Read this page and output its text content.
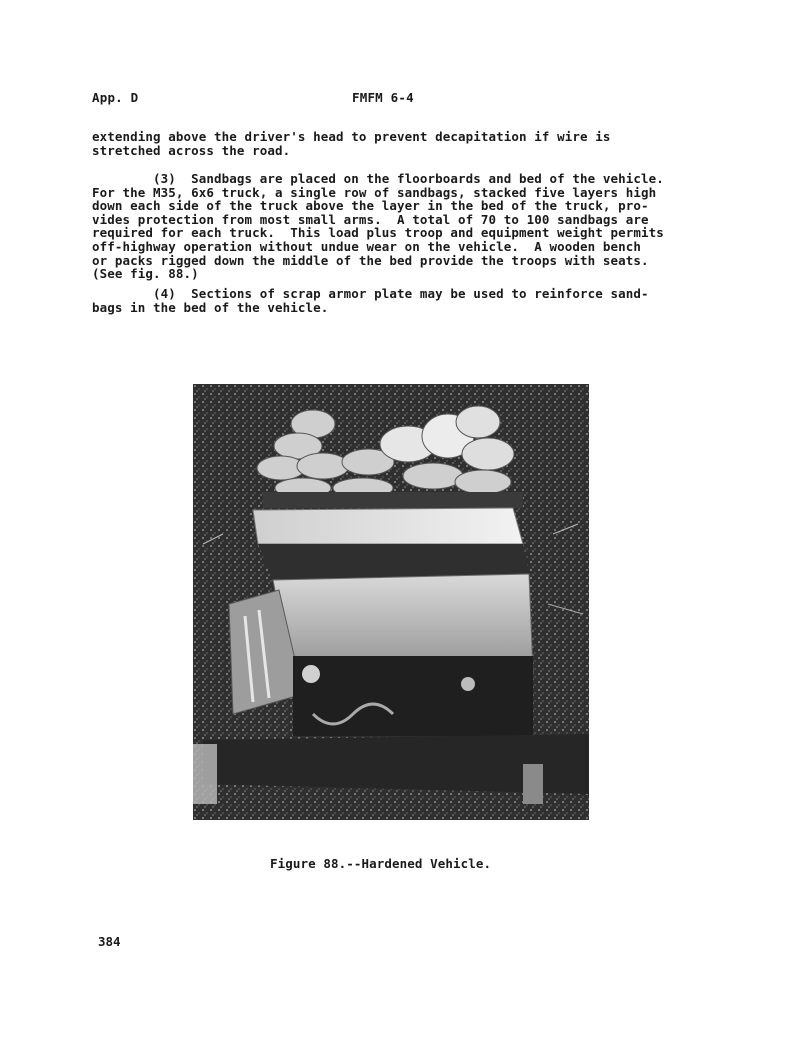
App. D	FMFM 6-4

extending above the driver's head to prevent decapitation if wire is
stretched across the road.

(3)  Sandbags are placed on the floorboards and bed of the vehicle.
For the M35, 6x6 truck, a single row of sandbags, stacked five layers high
down each side of the truck above the layer in the bed of the truck, pro-
vides protection from most small arms.  A total of 70 to 100 sandbags are
required for each truck.  This load plus troop and equipment weight permits
off-highway operation without undue wear on the vehicle.  A wooden bench
or packs rigged down the middle of the bed provide the troops with seats.
(See fig. 88.)

(4)  Sections of scrap armor plate may be used to reinforce sand-
bags in the bed of the vehicle.

Figure 88.--Hardened Vehicle.
384
